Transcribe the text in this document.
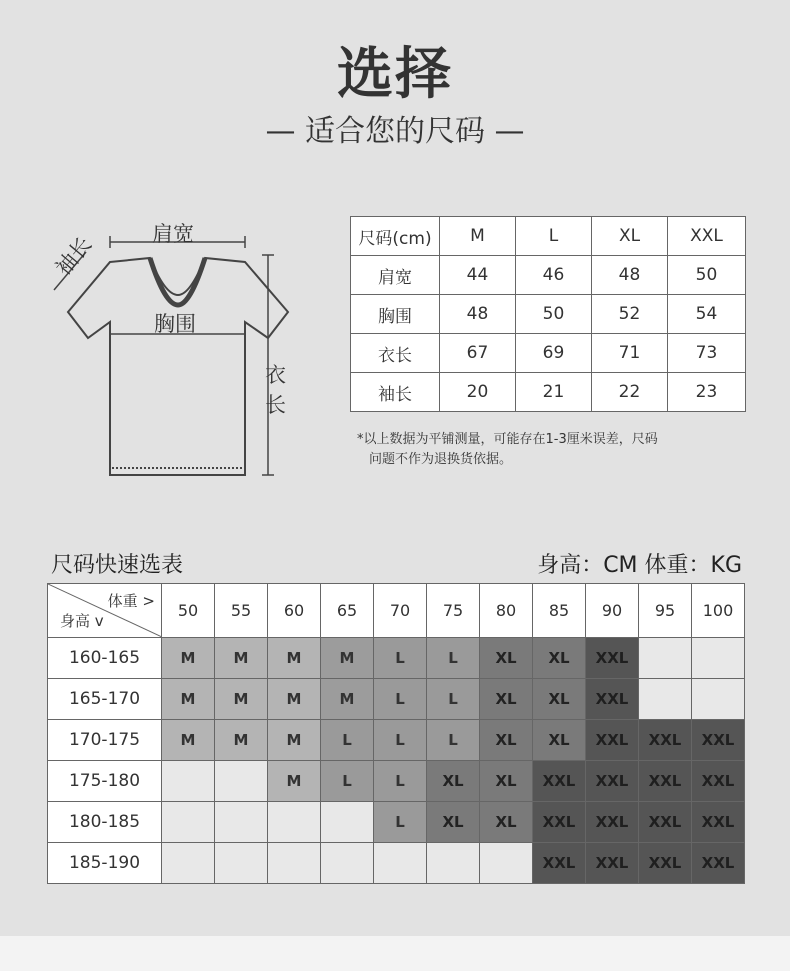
选择
— 适合您的尺码 —
肩宽
袖长
胸围
衣长
尺码(cm)	M	L	XL	XXL
肩宽	44	46	48	50
胸围	48	50	52	54
衣长	67	69	71	73
袖长	20	21	22	23
*以上数据为平铺测量，可能存在1-3厘米误差，尺码
问题不作为退换货依据。
尺码快速选表	身高：CM 体重：KG
体重 >
身高 v	50	55	60	65	70	75	80	85	90	95	100
160-165	M	M	M	M	L	L	XL	XL	XXL		
165-170	M	M	M	M	L	L	XL	XL	XXL		
170-175	M	M	M	L	L	L	XL	XL	XXL	XXL	XXL
175-180			M	L	L	XL	XL	XXL	XXL	XXL	XXL
180-185					L	XL	XL	XXL	XXL	XXL	XXL
185-190								XXL	XXL	XXL	XXL
